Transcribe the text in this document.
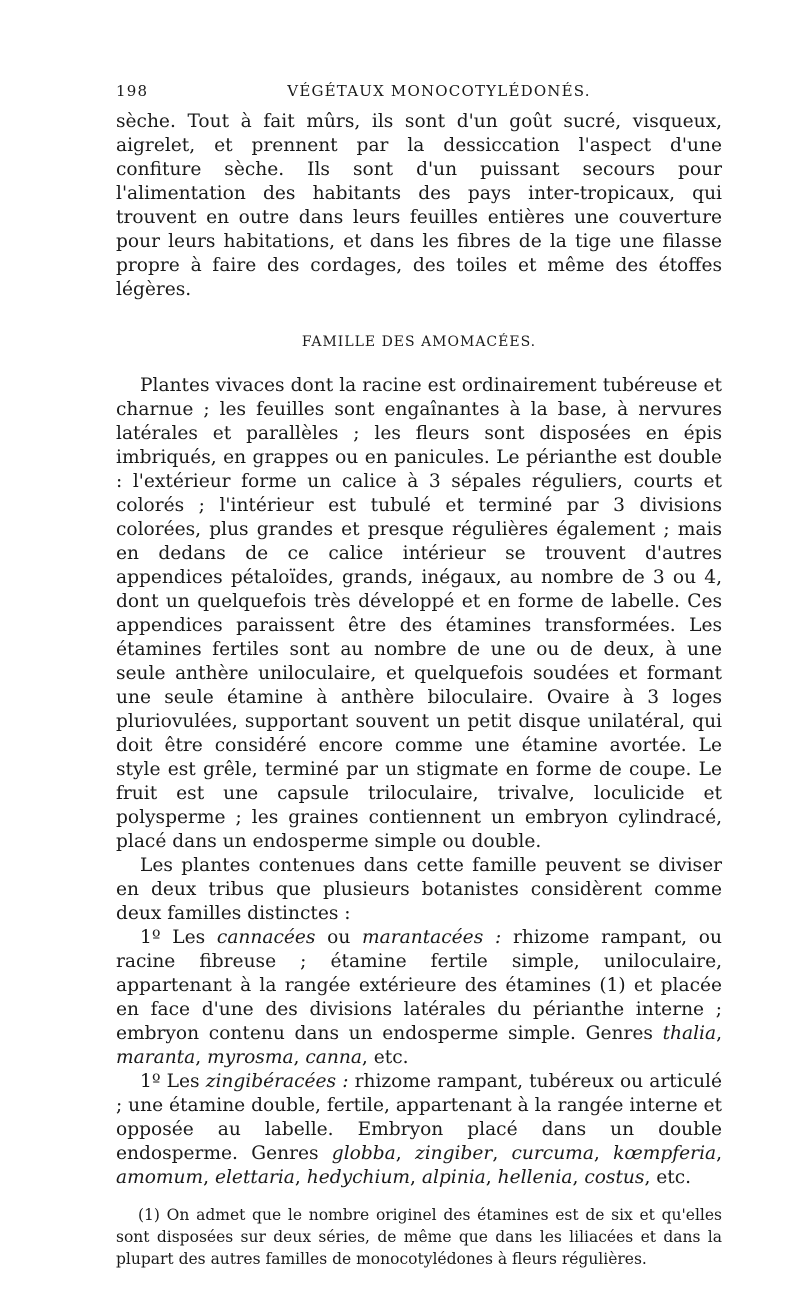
198	VÉGÉTAUX MONOCOTYLÉDONÉS.

sèche. Tout à fait mûrs, ils sont d'un goût sucré, visqueux, aigrelet, et prennent par la dessiccation l'aspect d'une confiture sèche. Ils sont d'un puissant secours pour l'alimentation des habitants des pays inter-tropicaux, qui trouvent en outre dans leurs feuilles entières une couverture pour leurs habitations, et dans les fibres de la tige une filasse propre à faire des cordages, des toiles et même des étoffes légères.

FAMILLE DES AMOMACÉES.

Plantes vivaces dont la racine est ordinairement tubéreuse et charnue ; les feuilles sont engaînantes à la base, à nervures latérales et parallèles ; les fleurs sont disposées en épis imbriqués, en grappes ou en panicules. Le périanthe est double : l'extérieur forme un calice à 3 sépales réguliers, courts et colorés ; l'intérieur est tubulé et terminé par 3 divisions colorées, plus grandes et presque régulières également ; mais en dedans de ce calice intérieur se trouvent d'autres appendices pétaloïdes, grands, inégaux, au nombre de 3 ou 4, dont un quelquefois très développé et en forme de labelle. Ces appendices paraissent être des étamines transformées. Les étamines fertiles sont au nombre de une ou de deux, à une seule anthère uniloculaire, et quelquefois soudées et formant une seule étamine à anthère biloculaire. Ovaire à 3 loges pluriovulées, supportant souvent un petit disque unilatéral, qui doit être considéré encore comme une étamine avortée. Le style est grêle, terminé par un stigmate en forme de coupe. Le fruit est une capsule triloculaire, trivalve, loculicide et polysperme ; les graines contiennent un embryon cylindracé, placé dans un endosperme simple ou double.

Les plantes contenues dans cette famille peuvent se diviser en deux tribus que plusieurs botanistes considèrent comme deux familles distinctes :

1º Les cannacées ou marantacées : rhizome rampant, ou racine fibreuse ; étamine fertile simple, uniloculaire, appartenant à la rangée extérieure des étamines (1) et placée en face d'une des divisions latérales du périanthe interne ; embryon contenu dans un endosperme simple. Genres thalia, maranta, myrosma, canna, etc.

1º Les zingibéracées : rhizome rampant, tubéreux ou articulé ; une étamine double, fertile, appartenant à la rangée interne et opposée au labelle. Embryon placé dans un double endosperme. Genres globba, zingiber, curcuma, kœmpferia, amomum, elettaria, hedychium, alpinia, hellenia, costus, etc.

(1) On admet que le nombre originel des étamines est de six et qu'elles sont disposées sur deux séries, de même que dans les liliacées et dans la plupart des autres familles de monocotylédones à fleurs régulières.
